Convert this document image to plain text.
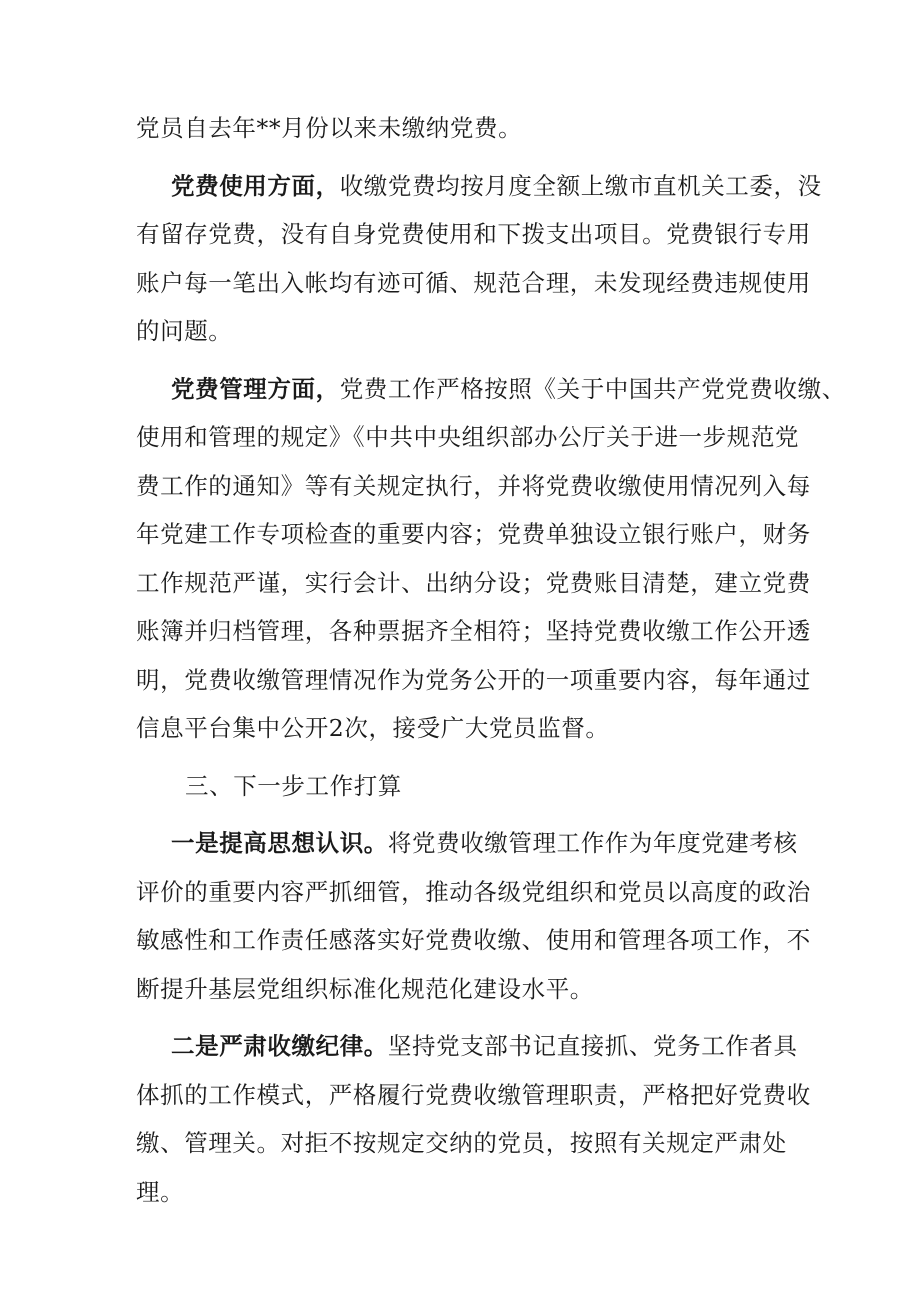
党员自去年**月份以来未缴纳党费。
党费使用方面，收缴党费均按月度全额上缴市直机关工委，没
有留存党费，没有自身党费使用和下拨支出项目。党费银行专用
账户每一笔出入帐均有迹可循、规范合理，未发现经费违规使用
的问题。
党费管理方面，党费工作严格按照《关于中国共产党党费收缴、
使用和管理的规定》《中共中央组织部办公厅关于进一步规范党
费工作的通知》等有关规定执行，并将党费收缴使用情况列入每
年党建工作专项检查的重要内容；党费单独设立银行账户，财务
工作规范严谨，实行会计、出纳分设；党费账目清楚，建立党费
账簿并归档管理，各种票据齐全相符；坚持党费收缴工作公开透
明，党费收缴管理情况作为党务公开的一项重要内容，每年通过
信息平台集中公开2次，接受广大党员监督。
三、下一步工作打算
一是提高思想认识。将党费收缴管理工作作为年度党建考核
评价的重要内容严抓细管，推动各级党组织和党员以高度的政治
敏感性和工作责任感落实好党费收缴、使用和管理各项工作，不
断提升基层党组织标准化规范化建设水平。
二是严肃收缴纪律。坚持党支部书记直接抓、党务工作者具
体抓的工作模式，严格履行党费收缴管理职责，严格把好党费收
缴、管理关。对拒不按规定交纳的党员，按照有关规定严肃处
理。
